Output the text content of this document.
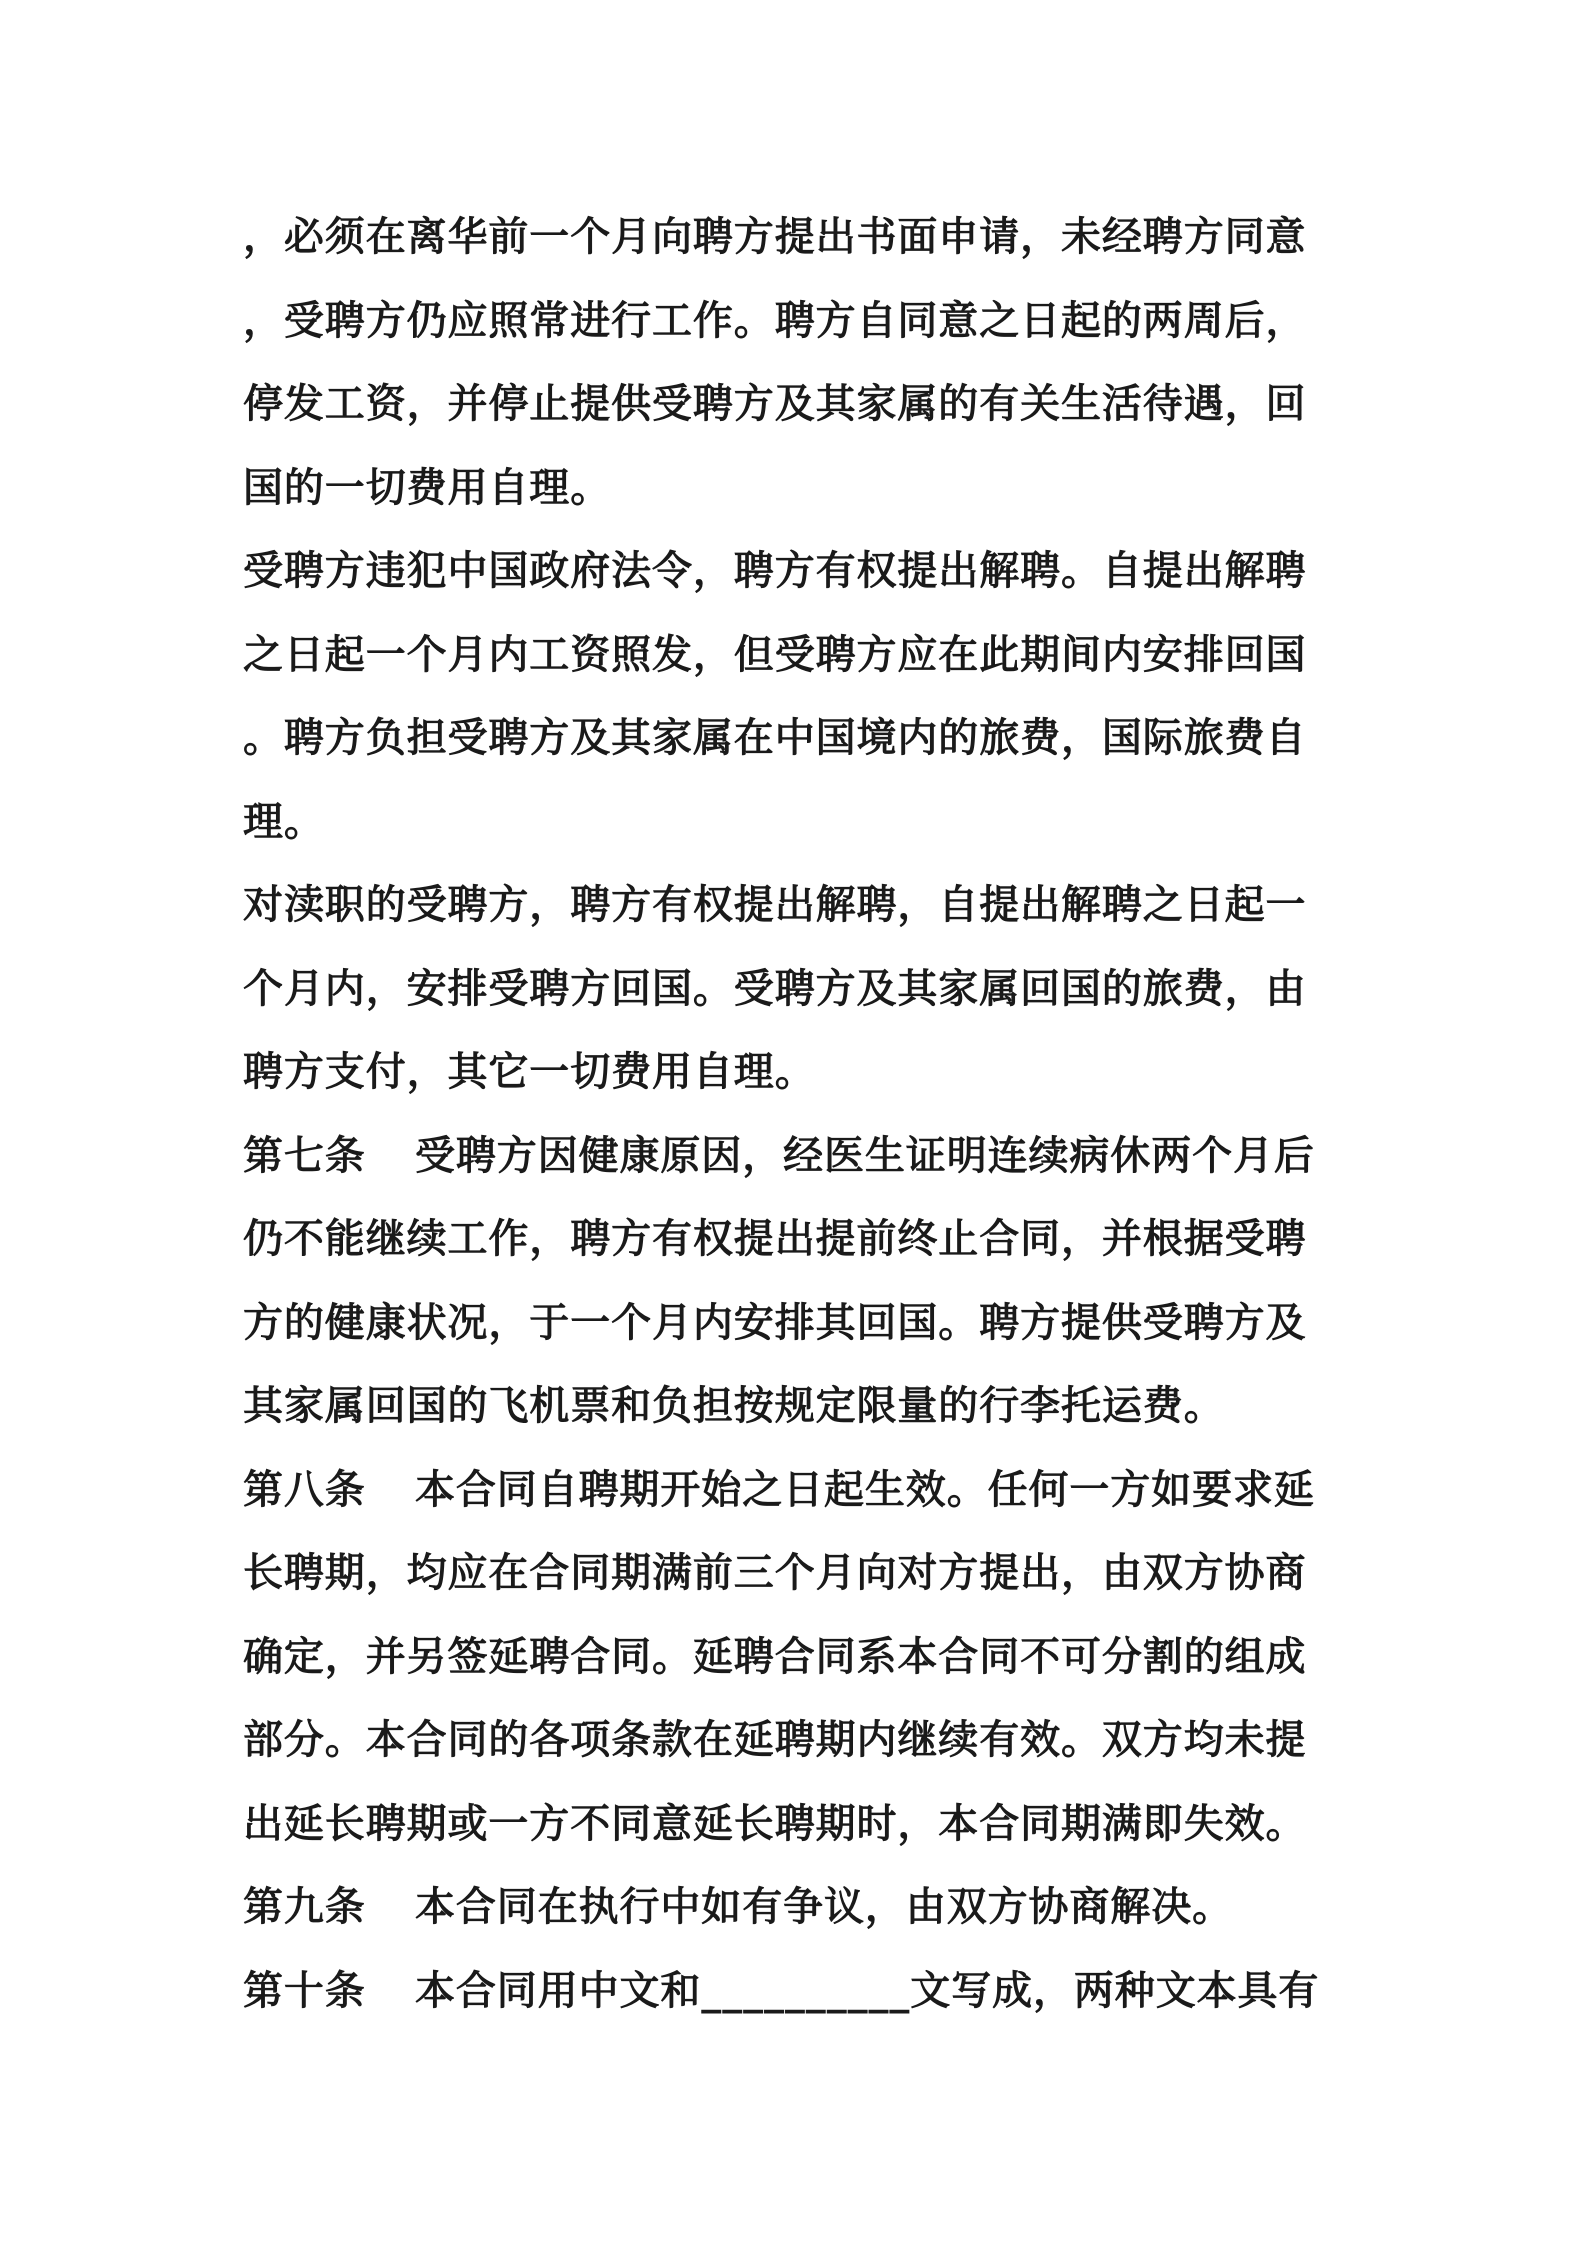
，必须在离华前一个月向聘方提出书面申请，未经聘方同意
，受聘方仍应照常进行工作。聘方自同意之日起的两周后，
停发工资，并停止提供受聘方及其家属的有关生活待遇，回
国的一切费用自理。
受聘方违犯中国政府法令，聘方有权提出解聘。自提出解聘
之日起一个月内工资照发，但受聘方应在此期间内安排回国
。聘方负担受聘方及其家属在中国境内的旅费，国际旅费自
理。
对渎职的受聘方，聘方有权提出解聘，自提出解聘之日起一
个月内，安排受聘方回国。受聘方及其家属回国的旅费，由
聘方支付，其它一切费用自理。
第七条 受聘方因健康原因，经医生证明连续病休两个月后
仍不能继续工作，聘方有权提出提前终止合同，并根据受聘
方的健康状况，于一个月内安排其回国。聘方提供受聘方及
其家属回国的飞机票和负担按规定限量的行李托运费。
第八条 本合同自聘期开始之日起生效。任何一方如要求延
长聘期，均应在合同期满前三个月向对方提出，由双方协商
确定，并另签延聘合同。延聘合同系本合同不可分割的组成
部分。本合同的各项条款在延聘期内继续有效。双方均未提
出延长聘期或一方不同意延长聘期时，本合同期满即失效。
第九条 本合同在执行中如有争议，由双方协商解决。
第十条 本合同用中文和__________文写成，两种文本具有
